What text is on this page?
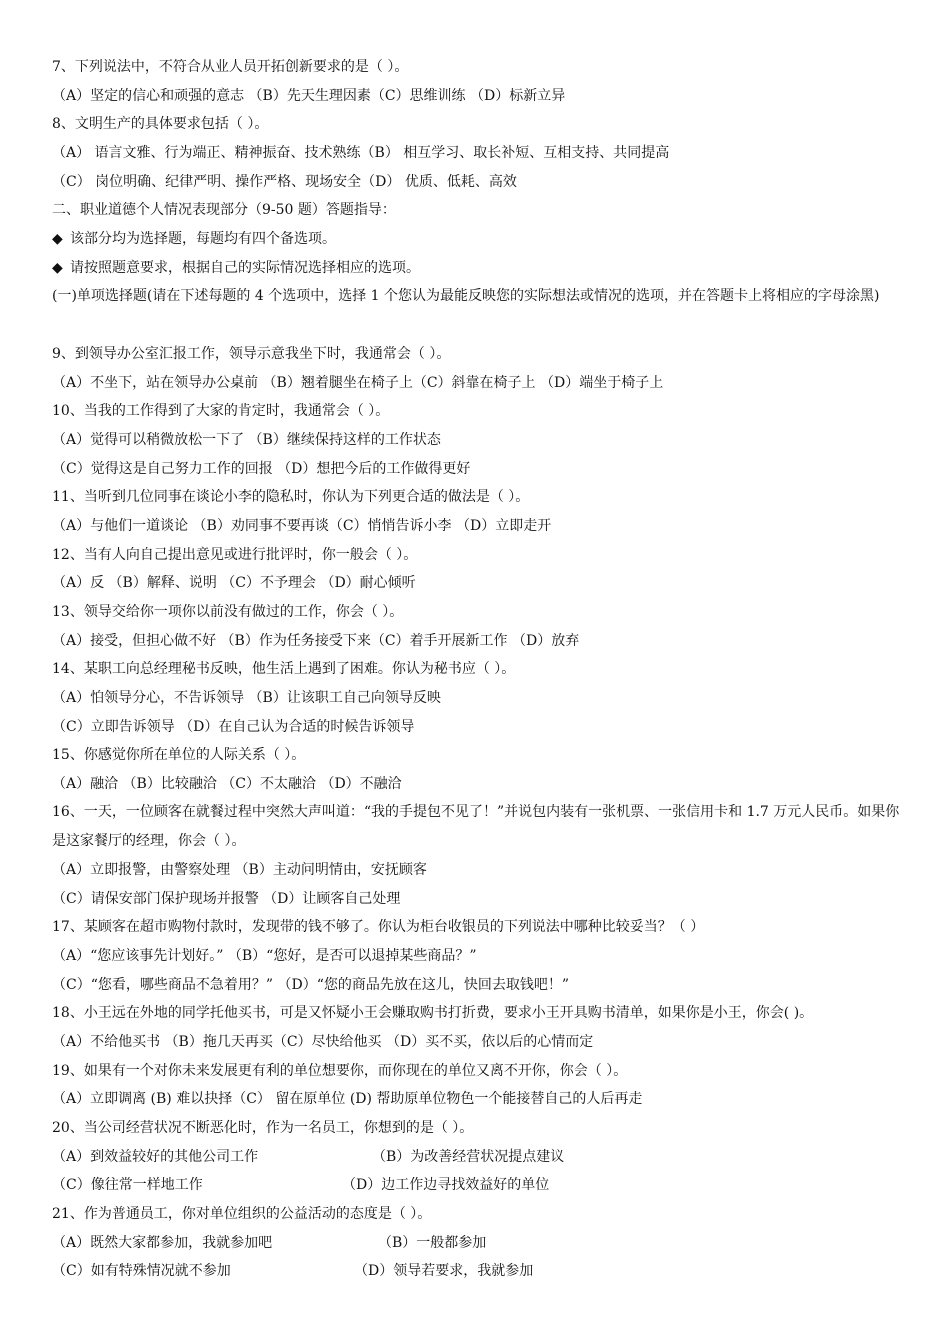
7、下列说法中，不符合从业人员开拓创新要求的是（ ）。
（A）坚定的信心和顽强的意志 （B）先天生理因素（C）思维训练 （D）标新立异
8、文明生产的具体要求包括（ ）。
（A） 语言文雅、行为端正、精神振奋、技术熟练（B） 相互学习、取长补短、互相支持、共同提高
（C） 岗位明确、纪律严明、操作严格、现场安全（D） 优质、低耗、高效
二、职业道德个人情况表现部分（9-50 题）答题指导：
◆ 该部分均为选择题，每题均有四个备选项。
◆ 请按照题意要求，根据自己的实际情况选择相应的选项。
(一)单项选择题(请在下述每题的 4 个选项中，选择 1 个您认为最能反映您的实际想法或情况的选项，并在答题卡上将相应的字母涂黑)
9、到领导办公室汇报工作，领导示意我坐下时，我通常会（ ）。
（A）不坐下，站在领导办公桌前 （B）翘着腿坐在椅子上（C）斜靠在椅子上 （D）端坐于椅子上
10、当我的工作得到了大家的肯定时，我通常会（ ）。
（A）觉得可以稍微放松一下了 （B）继续保持这样的工作状态
（C）觉得这是自己努力工作的回报 （D）想把今后的工作做得更好
11、当听到几位同事在谈论小李的隐私时，你认为下列更合适的做法是（ ）。
（A）与他们一道谈论 （B）劝同事不要再谈（C）悄悄告诉小李 （D）立即走开
12、当有人向自己提出意见或进行批评时，你一般会（ ）。
（A）反 （B）解释、说明 （C）不予理会 （D）耐心倾听
13、领导交给你一项你以前没有做过的工作，你会（ ）。
（A）接受，但担心做不好 （B）作为任务接受下来（C）着手开展新工作 （D）放弃
14、某职工向总经理秘书反映，他生活上遇到了困难。你认为秘书应（ ）。
（A）怕领导分心，不告诉领导 （B）让该职工自己向领导反映
（C）立即告诉领导 （D）在自己认为合适的时候告诉领导
15、你感觉你所在单位的人际关系（ ）。
（A）融洽 （B）比较融洽 （C）不太融洽 （D）不融洽
16、一天，一位顾客在就餐过程中突然大声叫道：“我的手提包不见了！”并说包内装有一张机票、一张信用卡和 1.7 万元人民币。如果你是这家餐厅的经理，你会（ ）。
（A）立即报警，由警察处理 （B）主动问明情由，安抚顾客
（C）请保安部门保护现场并报警 （D）让顾客自己处理
17、某顾客在超市购物付款时，发现带的钱不够了。你认为柜台收银员的下列说法中哪种比较妥当？（ ）
（A）“您应该事先计划好。” （B）“您好，是否可以退掉某些商品？”
（C）“您看，哪些商品不急着用？” （D）“您的商品先放在这儿，快回去取钱吧！”
18、小王远在外地的同学托他买书，可是又怀疑小王会赚取购书打折费，要求小王开具购书清单，如果你是小王，你会( )。
（A）不给他买书 （B）拖几天再买（C）尽快给他买 （D）买不买，依以后的心情而定
19、如果有一个对你未来发展更有利的单位想要你，而你现在的单位又离不开你，你会（ ）。
（A）立即调离 (B) 难以抉择（C） 留在原单位 (D) 帮助原单位物色一个能接替自己的人后再走
20、当公司经营状况不断恶化时，作为一名员工，你想到的是（ ）。
（A）到效益较好的其他公司工作	（B）为改善经营状况提点建议
（C）像往常一样地工作	（D）边工作边寻找效益好的单位
21、作为普通员工，你对单位组织的公益活动的态度是（ ）。
（A）既然大家都参加，我就参加吧	（B）一般都参加
（C）如有特殊情况就不参加	（D）领导若要求，我就参加
